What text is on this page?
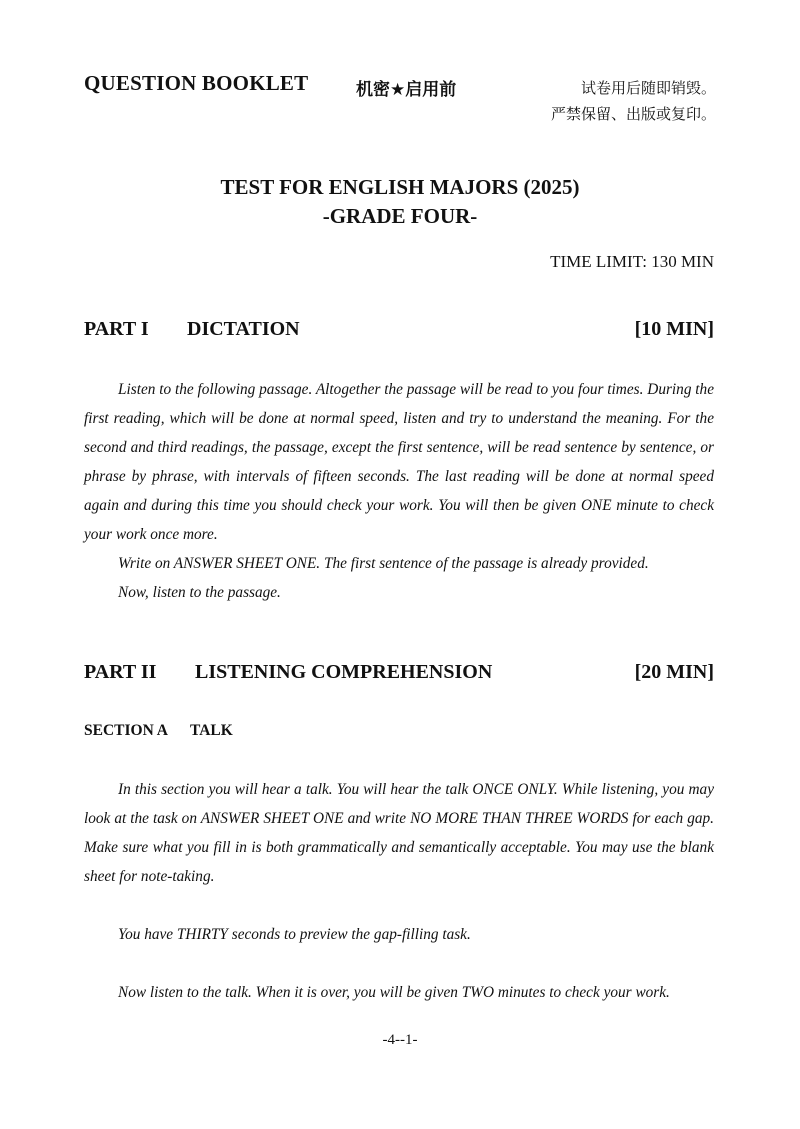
QUESTION BOOKLET	机密★启用前	试卷用后随即销毁。
严禁保留、出版或复印。
TEST FOR ENGLISH MAJORS (2025)
-GRADE FOUR-
TIME LIMIT: 130 MIN
PART I	DICTATION	[10 MIN]

Listen to the following passage. Altogether the passage will be read to you four times. During the first reading, which will be done at normal speed, listen and try to understand the meaning. For the second and third readings, the passage, except the first sentence, will be read sentence by sentence, or phrase by phrase, with intervals of fifteen seconds. The last reading will be done at normal speed again and during this time you should check your work. You will then be given ONE minute to check your work once more.

Write on ANSWER SHEET ONE. The first sentence of the passage is already provided.

Now, listen to the passage.

PART II	LISTENING COMPREHENSION	[20 MIN]
SECTION A TALK

In this section you will hear a talk. You will hear the talk ONCE ONLY. While listening, you may look at the task on ANSWER SHEET ONE and write NO MORE THAN THREE WORDS for each gap. Make sure what you fill in is both grammatically and semantically acceptable. You may use the blank sheet for note-taking.

You have THIRTY seconds to preview the gap-filling task.

Now listen to the talk. When it is over, you will be given TWO minutes to check your work.

-4--1-
